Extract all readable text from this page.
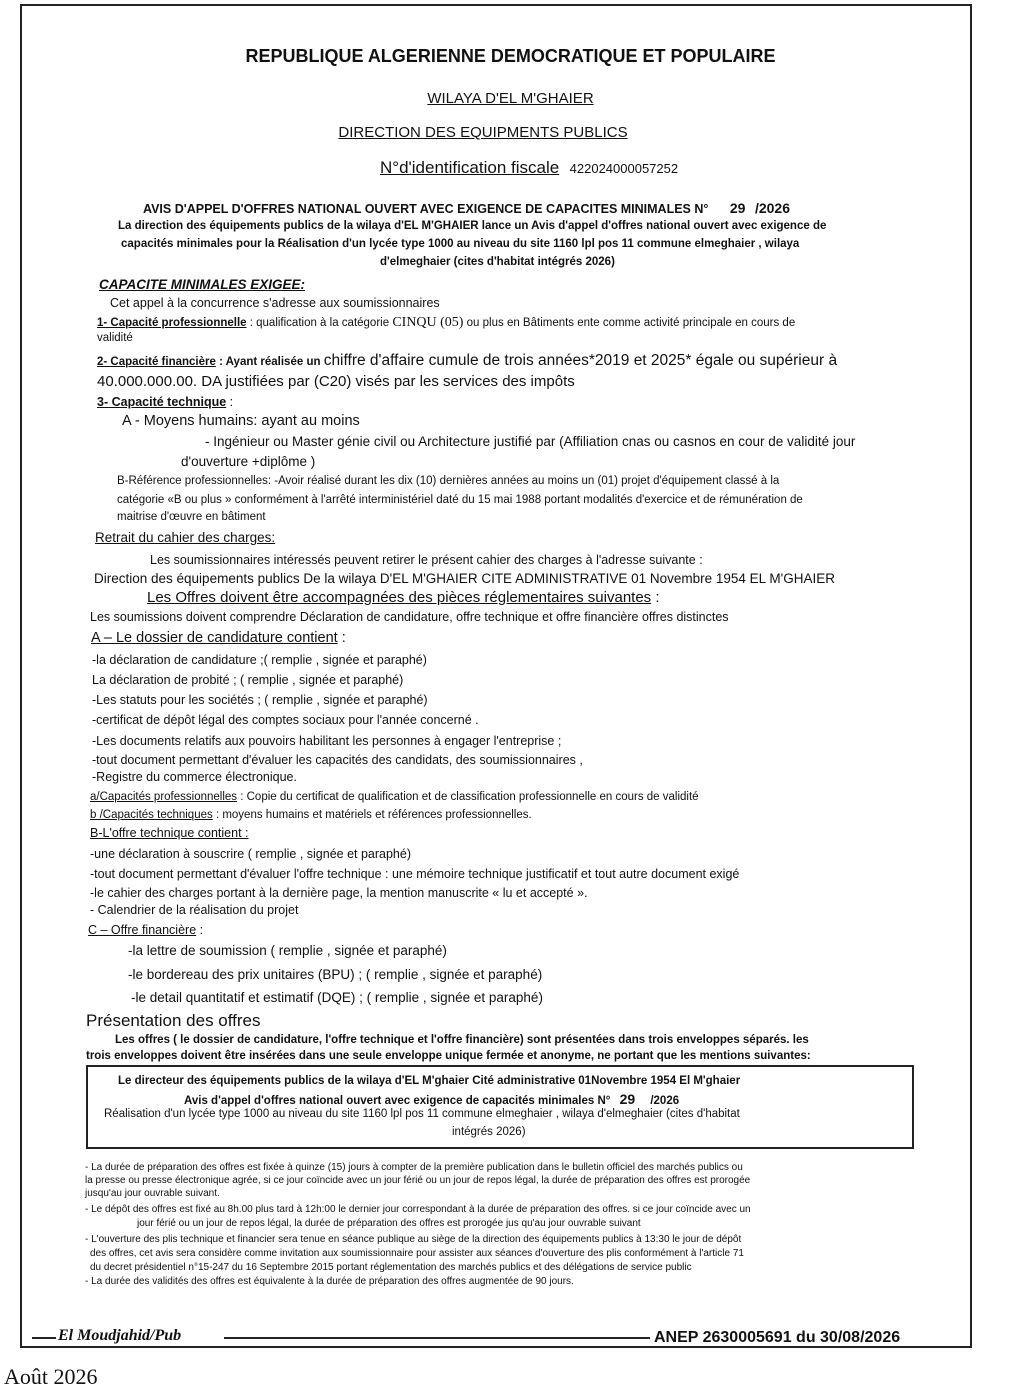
REPUBLIQUE ALGERIENNE DEMOCRATIQUE ET POPULAIRE
WILAYA D'EL M'GHAIER
DIRECTION DES EQUIPMENTS PUBLICS
N°d'identification fiscale 422024000057252
AVIS D'APPEL D'OFFRES NATIONAL OUVERT AVEC EXIGENCE DE CAPACITES MINIMALES N° 29 /2026
La direction des équipements publics de la wilaya d'EL M'GHAIER lance un Avis d'appel d'offres national ouvert avec exigence de
capacités minimales pour la Réalisation d'un lycée type 1000 au niveau du site 1160 lpl pos 11 commune elmeghaier , wilaya
d'elmeghaier (cites d'habitat intégrés 2026)
CAPACITE MINIMALES EXIGEE:
Cet appel à la concurrence s'adresse aux soumissionnaires
1- Capacité professionnelle : qualification à la catégorie CINQU (05) ou plus en Bâtiments ente comme activité principale en cours de
validité
2- Capacité financière : Ayant réalisée un chiffre d'affaire cumule de trois années*2019 et 2025* égale ou supérieur à
40.000.000.00. DA justifiées par (C20) visés par les services des impôts
3- Capacité technique :
A - Moyens humains: ayant au moins
- Ingénieur ou Master génie civil ou Architecture justifié par (Affiliation cnas ou casnos en cour de validité jour
d'ouverture +diplôme )
B-Référence professionnelles: -Avoir réalisé durant les dix (10) dernières années au moins un (01) projet d'équipement classé à la
catégorie «B ou plus » conformément à l'arrêté interministériel daté du 15 mai 1988 portant modalités d'exercice et de rémunération de
maitrise d'œuvre en bâtiment
Retrait du cahier des charges:
Les soumissionnaires intéressés peuvent retirer le présent cahier des charges à l'adresse suivante :
Direction des équipements publics De la wilaya D'EL M'GHAIER CITE ADMINISTRATIVE 01 Novembre 1954 EL M'GHAIER
Les Offres doivent être accompagnées des pièces réglementaires suivantes :
Les soumissions doivent comprendre Déclaration de candidature, offre technique et offre financière offres distinctes
A – Le dossier de candidature contient :
-la déclaration de candidature ;( remplie , signée et paraphé)
La déclaration de probité ; ( remplie , signée et paraphé)
-Les statuts pour les sociétés ; ( remplie , signée et paraphé)
-certificat de dépôt légal des comptes sociaux pour l'année concerné .
-Les documents relatifs aux pouvoirs habilitant les personnes à engager l'entreprise ;
-tout document permettant d'évaluer les capacités des candidats, des soumissionnaires ,
-Registre du commerce électronique.
a/Capacités professionnelles : Copie du certificat de qualification et de classification professionnelle en cours de validité
b /Capacités techniques : moyens humains et matériels et références professionnelles.
B-L'offre technique contient :
-une déclaration à souscrire ( remplie , signée et paraphé)
-tout document permettant d'évaluer l'offre technique : une mémoire technique justificatif et tout autre document exigé
-le cahier des charges portant à la dernière page, la mention manuscrite « lu et accepté ».
- Calendrier de la réalisation du projet
C – Offre financière :
-la lettre de soumission ( remplie , signée et paraphé)
-le bordereau des prix unitaires (BPU) ; ( remplie , signée et paraphé)
-le detail quantitatif et estimatif (DQE) ; ( remplie , signée et paraphé)
Présentation des offres
Les offres ( le dossier de candidature, l'offre technique et l'offre financière) sont présentées dans trois enveloppes séparés. les
trois enveloppes doivent être insérées dans une seule enveloppe unique fermée et anonyme, ne portant que les mentions suivantes:
Le directeur des équipements publics de la wilaya d'EL M'ghaier Cité administrative 01Novembre 1954 El M'ghaier
Avis d'appel d'offres national ouvert avec exigence de capacités minimales N° 29 /2026
Réalisation d'un lycée type 1000 au niveau du site 1160 lpl pos 11 commune elmeghaier , wilaya d'elmeghaier (cites d'habitat
intégrés 2026)
- La durée de préparation des offres est fixée à quinze (15) jours à compter de la première publication dans le bulletin officiel des marchés publics ou
la presse ou presse électronique agrée, si ce jour coïncide avec un jour férié ou un jour de repos légal, la durée de préparation des offres est prorogée
jusqu'au jour ouvrable suivant.
- Le dépôt des offres est fixé au 8h.00 plus tard à 12h:00 le dernier jour correspondant à la durée de préparation des offres. si ce jour coïncide avec un
jour férié ou un jour de repos légal, la durée de préparation des offres est prorogée jus qu'au jour ouvrable suivant
- L'ouverture des plis technique et financier sera tenue en séance publique au siège de la direction des équipements publics à 13:30 le jour de dépôt
des offres, cet avis sera considère comme invitation aux soumissionnaire pour assister aux séances d'ouverture des plis conformément à l'article 71
du decret présidentiel n°15-247 du 16 Septembre 2015 portant réglementation des marchés publics et des délégations de service public
- La durée des validités des offres est équivalente à la durée de préparation des offres augmentée de 90 jours.
El Moudjahid/Pub	ANEP 2630005691 du 30/08/2026
Août 2026
